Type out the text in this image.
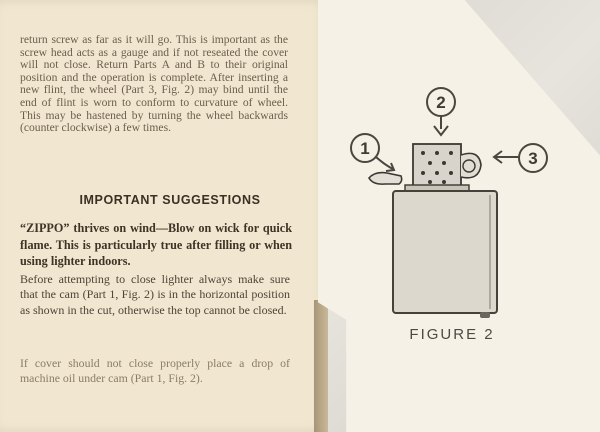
return screw as far as it will go. This is important as the screw head acts as a gauge and if not reseated the cover will not close. Return Parts A and B to their original position and the operation is complete. After inserting a new flint, the wheel (Part 3, Fig. 2) may bind until the end of flint is worn to conform to curvature of wheel. This may be hastened by turning the wheel backwards (counter clockwise) a few times.

IMPORTANT SUGGESTIONS

“ZIPPO” thrives on wind—Blow on wick for quick flame. This is particularly true after filling or when using lighter indoors.

Before attempting to close lighter always make sure that the cam (Part 1, Fig. 2) is in the horizontal position as shown in the cut, otherwise the top cannot be closed.

If cover should not close properly place a drop of machine oil under cam (Part 1, Fig. 2).

2
1
3
FIGURE 2
